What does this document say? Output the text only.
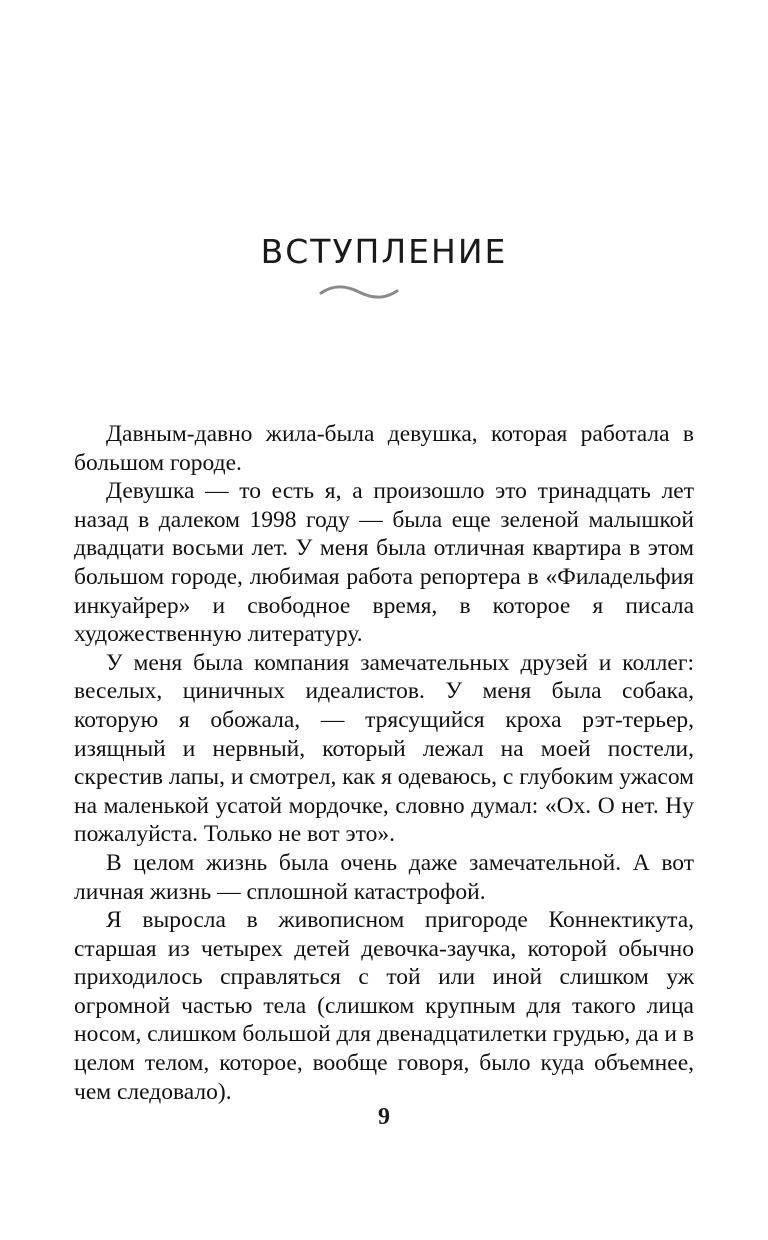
ВСТУПЛЕНИЕ

Давным-давно жила-была девушка, которая работала в большом городе.

Девушка — то есть я, а произошло это тринадцать лет назад в далеком 1998 году — была еще зеленой малышкой двадцати восьми лет. У меня была отличная квартира в этом большом городе, любимая работа репортера в «Филадельфия инкуайрер» и свободное время, в которое я писала художественную литературу.

У меня была компания замечательных друзей и коллег: веселых, циничных идеалистов. У меня была собака, которую я обожала, — трясущийся кроха рэт-терьер, изящный и нервный, который лежал на моей постели, скрестив лапы, и смотрел, как я одеваюсь, с глубоким ужасом на маленькой усатой мордочке, словно думал: «Ох. О нет. Ну пожалуйста. Только не вот это».

В целом жизнь была очень даже замечательной. А вот личная жизнь — сплошной катастрофой.

Я выросла в живописном пригороде Коннектикута, старшая из четырех детей девочка-заучка, которой обычно приходилось справляться с той или иной слишком уж огромной частью тела (слишком крупным для такого лица носом, слишком большой для двенадцатилетки грудью, да и в целом телом, которое, вообще говоря, было куда объемнее, чем следовало).

9
